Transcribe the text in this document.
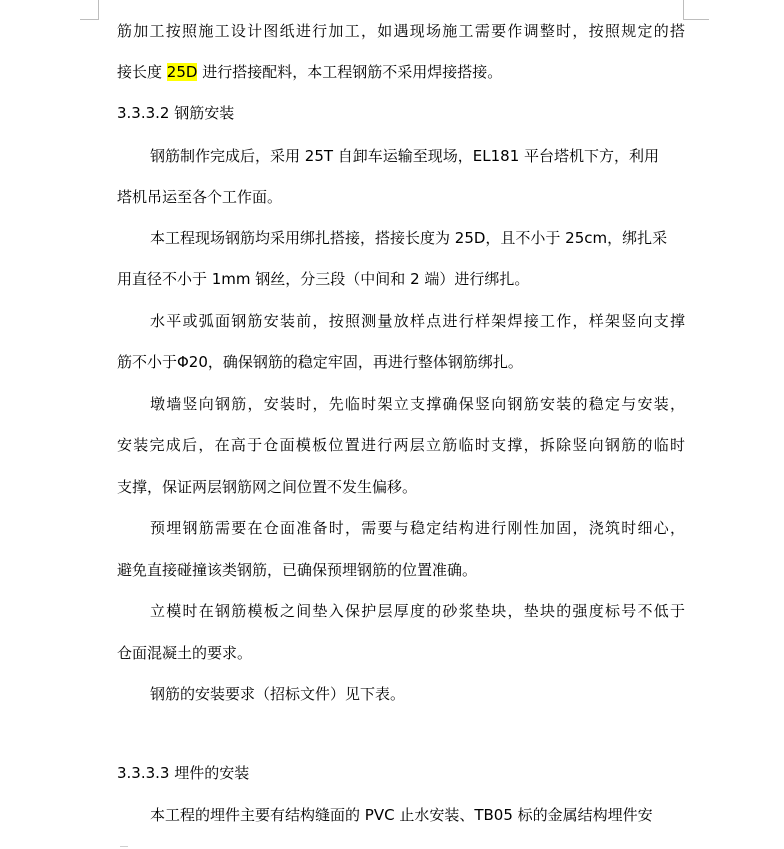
筋加工按照施工设计图纸进行加工，如遇现场施工需要作调整时，按照规定的搭
接长度 25D 进行搭接配料，本工程钢筋不采用焊接搭接。
3.3.3.2 钢筋安装
钢筋制作完成后，采用 25T 自卸车运输至现场，EL181 平台塔机下方，利用
塔机吊运至各个工作面。
本工程现场钢筋均采用绑扎搭接，搭接长度为 25D，且不小于 25cm，绑扎采
用直径不小于 1mm 钢丝，分三段（中间和 2 端）进行绑扎。
水平或弧面钢筋安装前，按照测量放样点进行样架焊接工作，样架竖向支撑
筋不小于Φ20，确保钢筋的稳定牢固，再进行整体钢筋绑扎。
墩墙竖向钢筋，安装时，先临时架立支撑确保竖向钢筋安装的稳定与安装，
安装完成后，在高于仓面模板位置进行两层立筋临时支撑，拆除竖向钢筋的临时
支撑，保证两层钢筋网之间位置不发生偏移。
预埋钢筋需要在仓面准备时，需要与稳定结构进行刚性加固，浇筑时细心，
避免直接碰撞该类钢筋，已确保预埋钢筋的位置准确。
立模时在钢筋模板之间垫入保护层厚度的砂浆垫块，垫块的强度标号不低于
仓面混凝土的要求。
钢筋的安装要求（招标文件）见下表。
3.3.3.3 埋件的安装
本工程的埋件主要有结构缝面的 PVC 止水安装、TB05 标的金属结构埋件安
